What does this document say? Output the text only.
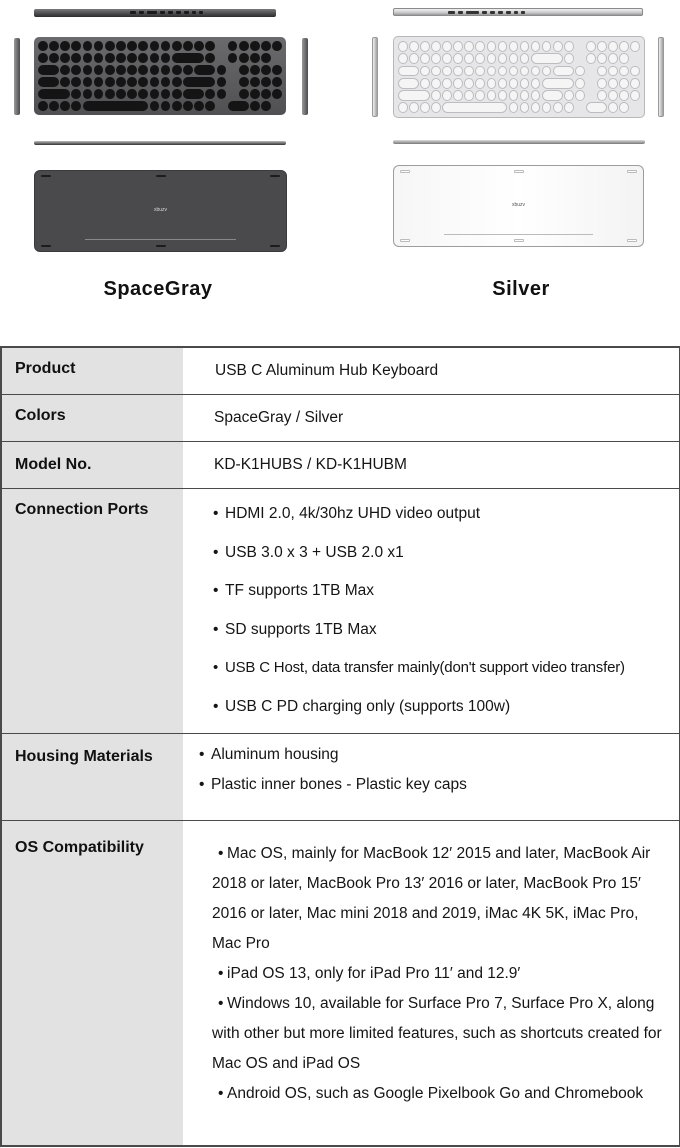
xbuzv
SpaceGray
xbuzv
Silver
Product	USB C Aluminum Hub Keyboard
Colors	SpaceGray / Silver
Model No.	KD-K1HUBS / KD-K1HUBM
Connection Ports	• HDMI 2.0, 4k/30hz UHD video output
• USB 3.0 x 3 + USB 2.0 x1
• TF supports 1TB Max
• SD supports 1TB Max
• USB C Host, data transfer mainly(don't support video transfer)
• USB C PD charging only (supports 100w)
Housing Materials	• Aluminum housing
• Plastic inner bones - Plastic key caps
OS Compatibility	• Mac OS, mainly for MacBook 12′ 2015 and later, MacBook Air 2018 or later, MacBook Pro 13′ 2016 or later, MacBook Pro 15′ 2016 or later, Mac mini 2018 and 2019, iMac 4K 5K, iMac Pro, Mac Pro
• iPad OS 13, only for iPad Pro 11′ and 12.9′
• Windows 10, available for Surface Pro 7, Surface Pro X, along with other but more limited features, such as shortcuts created for Mac OS and iPad OS
• Android OS, such as Google Pixelbook Go and Chromebook
